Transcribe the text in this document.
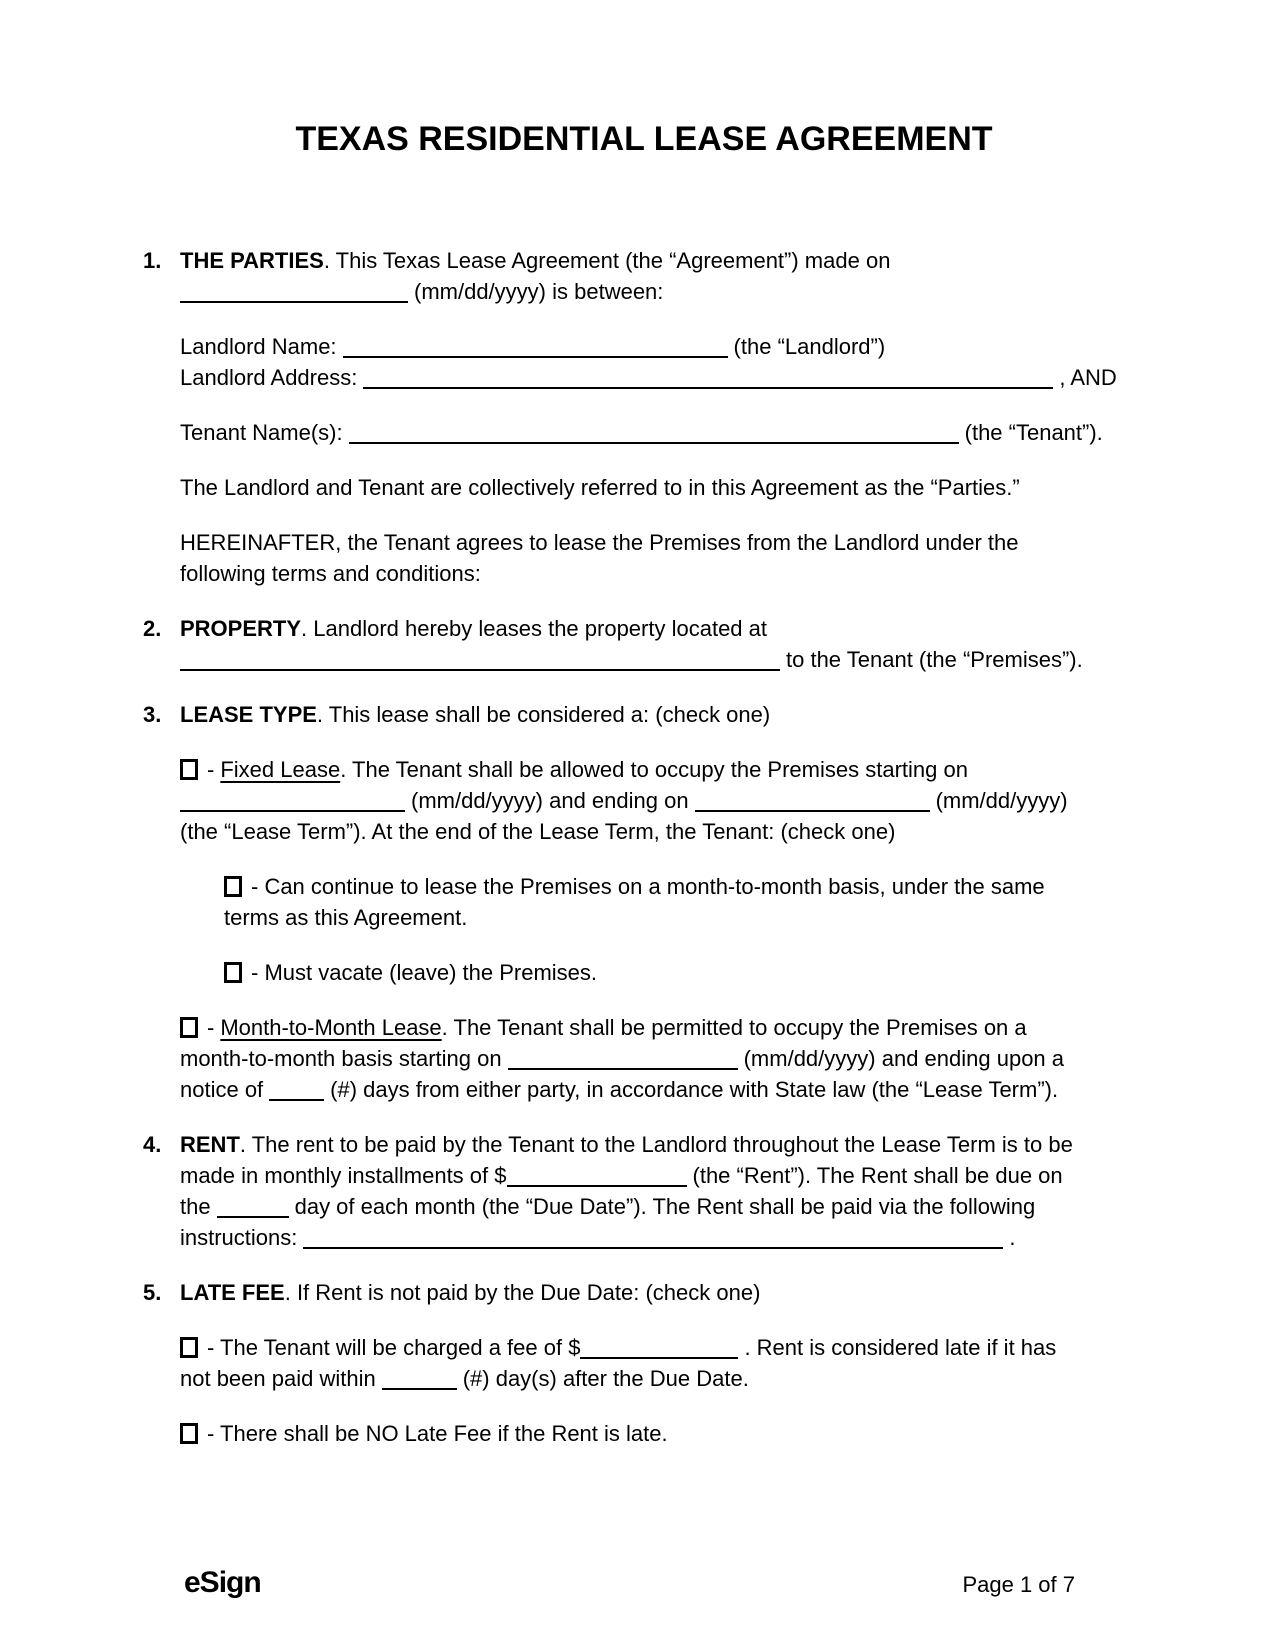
TEXAS RESIDENTIAL LEASE AGREEMENT
1. THE PARTIES. This Texas Lease Agreement (the “Agreement”) made on
(mm/dd/yyyy) is between:
Landlord Name:	(the “Landlord”)
Landlord Address:	, AND
Tenant Name(s):	(the “Tenant”).
The Landlord and Tenant are collectively referred to in this Agreement as the “Parties.”
HEREINAFTER, the Tenant agrees to lease the Premises from the Landlord under the
following terms and conditions:
2. PROPERTY. Landlord hereby leases the property located at
to the Tenant (the “Premises”).
3. LEASE TYPE. This lease shall be considered a: (check one)
- Fixed Lease. The Tenant shall be allowed to occupy the Premises starting on
(mm/dd/yyyy) and ending on	(mm/dd/yyyy)
(the “Lease Term”). At the end of the Lease Term, the Tenant: (check one)
- Can continue to lease the Premises on a month-to-month basis, under the same
terms as this Agreement.
- Must vacate (leave) the Premises.
- Month-to-Month Lease. The Tenant shall be permitted to occupy the Premises on a
month-to-month basis starting on	(mm/dd/yyyy) and ending upon a
notice of	(#) days from either party, in accordance with State law (the “Lease Term”).
4. RENT. The rent to be paid by the Tenant to the Landlord throughout the Lease Term is to be
made in monthly installments of $	(the “Rent”). The Rent shall be due on
the	day of each month (the “Due Date”). The Rent shall be paid via the following
instructions:	.
5. LATE FEE. If Rent is not paid by the Due Date: (check one)
- The Tenant will be charged a fee of $	. Rent is considered late if it has
not been paid within	(#) day(s) after the Due Date.
- There shall be NO Late Fee if the Rent is late.
eSign	Page 1 of 7
